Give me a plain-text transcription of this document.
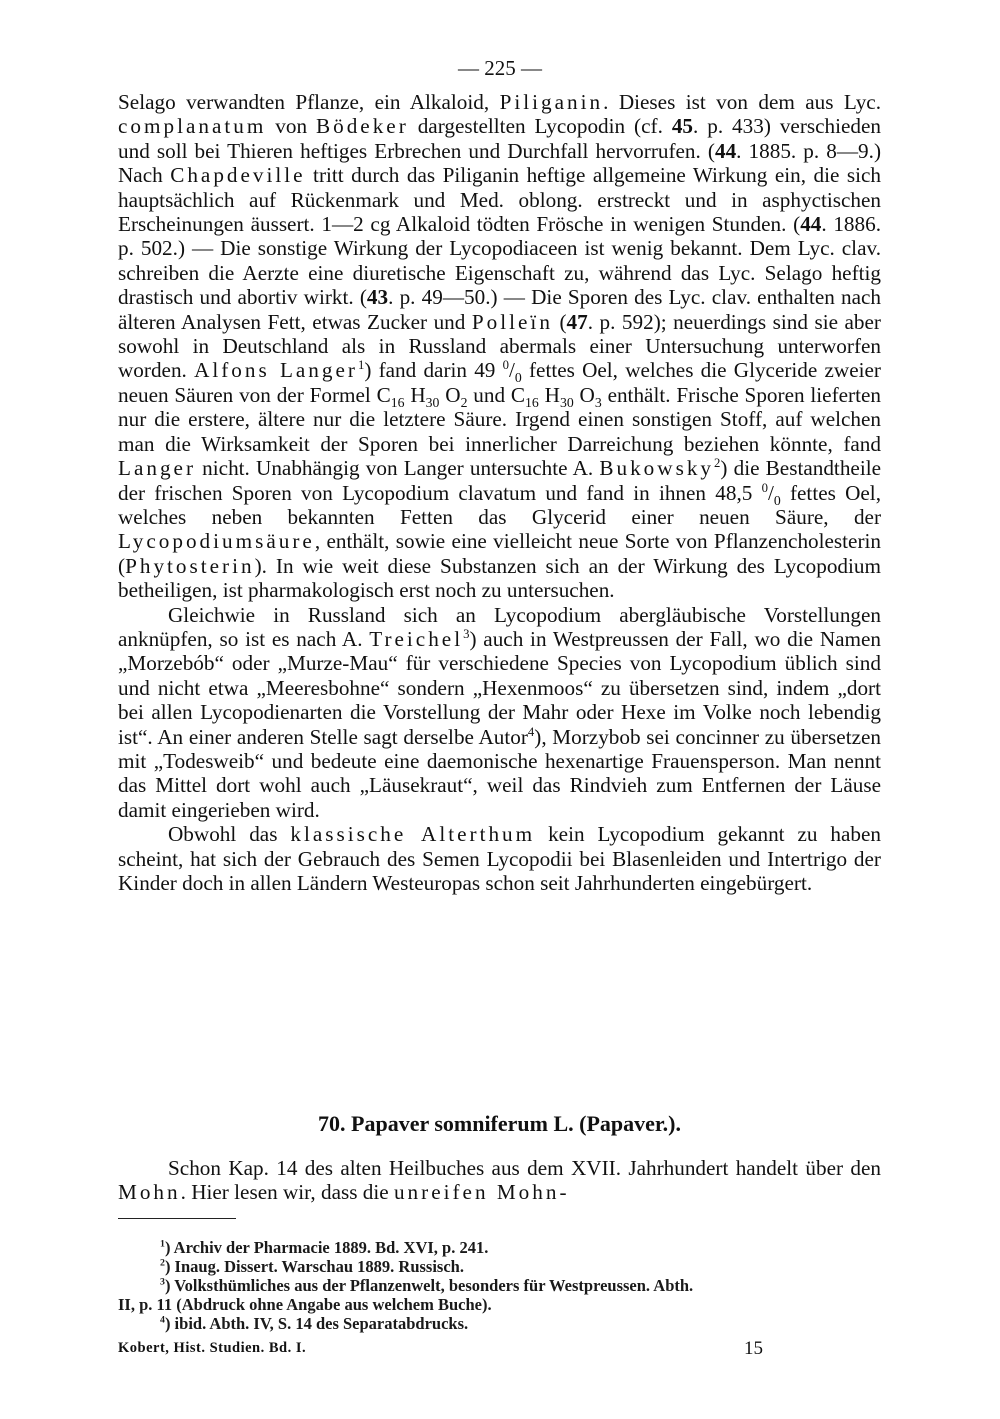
— 225 —

Selago verwandten Pflanze, ein Alkaloid, Piliganin. Dieses ist von dem aus Lyc. complanatum von Bödeker dargestellten Lycopodin (cf. 45. p. 433) verschieden und soll bei Thieren heftiges Erbrechen und Durchfall hervorrufen. (44. 1885. p. 8—9.) Nach Chapdeville tritt durch das Piliganin heftige allgemeine Wirkung ein, die sich hauptsächlich auf Rückenmark und Med. oblong. erstreckt und in asphyctischen Erscheinungen äussert. 1—2 cg Alkaloid tödten Frösche in wenigen Stunden. (44. 1886. p. 502.) — Die sonstige Wirkung der Lycopodiaceen ist wenig bekannt. Dem Lyc. clav. schreiben die Aerzte eine diuretische Eigenschaft zu, während das Lyc. Selago heftig drastisch und abortiv wirkt. (43. p. 49—50.) — Die Sporen des Lyc. clav. enthalten nach älteren Analysen Fett, etwas Zucker und Polleïn (47. p. 592); neuerdings sind sie aber sowohl in Deutschland als in Russland abermals einer Untersuchung unterworfen worden. Alfons Langer$^1$) fand darin 49 $^0/_0$ fettes Oel, welches die Glyceride zweier neuen Säuren von der Formel $C_{16}$ $H_{30}$ $O_2$ und $C_{16}$ $H_{30}$ $O_3$ enthält. Frische Sporen lieferten nur die erstere, ältere nur die letztere Säure. Irgend einen sonstigen Stoff, auf welchen man die Wirksamkeit der Sporen bei innerlicher Darreichung beziehen könnte, fand Langer nicht. Unabhängig von Langer untersuchte A. Bukowsky$^2$) die Bestandtheile der frischen Sporen von Lycopodium clavatum und fand in ihnen 48,5 $^0/_0$ fettes Oel, welches neben bekannten Fetten das Glycerid einer neuen Säure, der Lycopodiumsäure, enthält, sowie eine vielleicht neue Sorte von Pflanzencholesterin (Phytosterin). In wie weit diese Substanzen sich an der Wirkung des Lycopodium betheiligen, ist pharmakologisch erst noch zu untersuchen.

Gleichwie in Russland sich an Lycopodium abergläubische Vorstellungen anknüpfen, so ist es nach A. Treichel$^3$) auch in Westpreussen der Fall, wo die Namen „Morzebób“ oder „Murze-Mau“ für verschiedene Species von Lycopodium üblich sind und nicht etwa „Meeresbohne“ sondern „Hexenmoos“ zu übersetzen sind, indem „dort bei allen Lycopodienarten die Vorstellung der Mahr oder Hexe im Volke noch lebendig ist“. An einer anderen Stelle sagt derselbe Autor$^4$), Morzybob sei concinner zu übersetzen mit „Todesweib“ und bedeute eine daemonische hexenartige Frauensperson. Man nennt das Mittel dort wohl auch „Läusekraut“, weil das Rindvieh zum Entfernen der Läuse damit eingerieben wird.

Obwohl das klassische Alterthum kein Lycopodium gekannt zu haben scheint, hat sich der Gebrauch des Semen Lycopodii bei Blasenleiden und Intertrigo der Kinder doch in allen Ländern Westeuropas schon seit Jahrhunderten eingebürgert.

70. Papaver somniferum L. (Papaver.).
Schon Kap. 14 des alten Heilbuches aus dem XVII. Jahrhundert handelt über den Mohn. Hier lesen wir, dass die unreifen Mohn-

$^1$) Archiv der Pharmacie 1889. Bd. XVI, p. 241.

$^2$) Inaug. Dissert. Warschau 1889. Russisch.

$^3$) Volksthümliches aus der Pflanzenwelt, besonders für Westpreussen. Abth.

II, p. 11 (Abdruck ohne Angabe aus welchem Buche).

$^4$) ibid. Abth. IV, S. 14 des Separatabdrucks.

Kobert, Hist. Studien. Bd. I.	15
